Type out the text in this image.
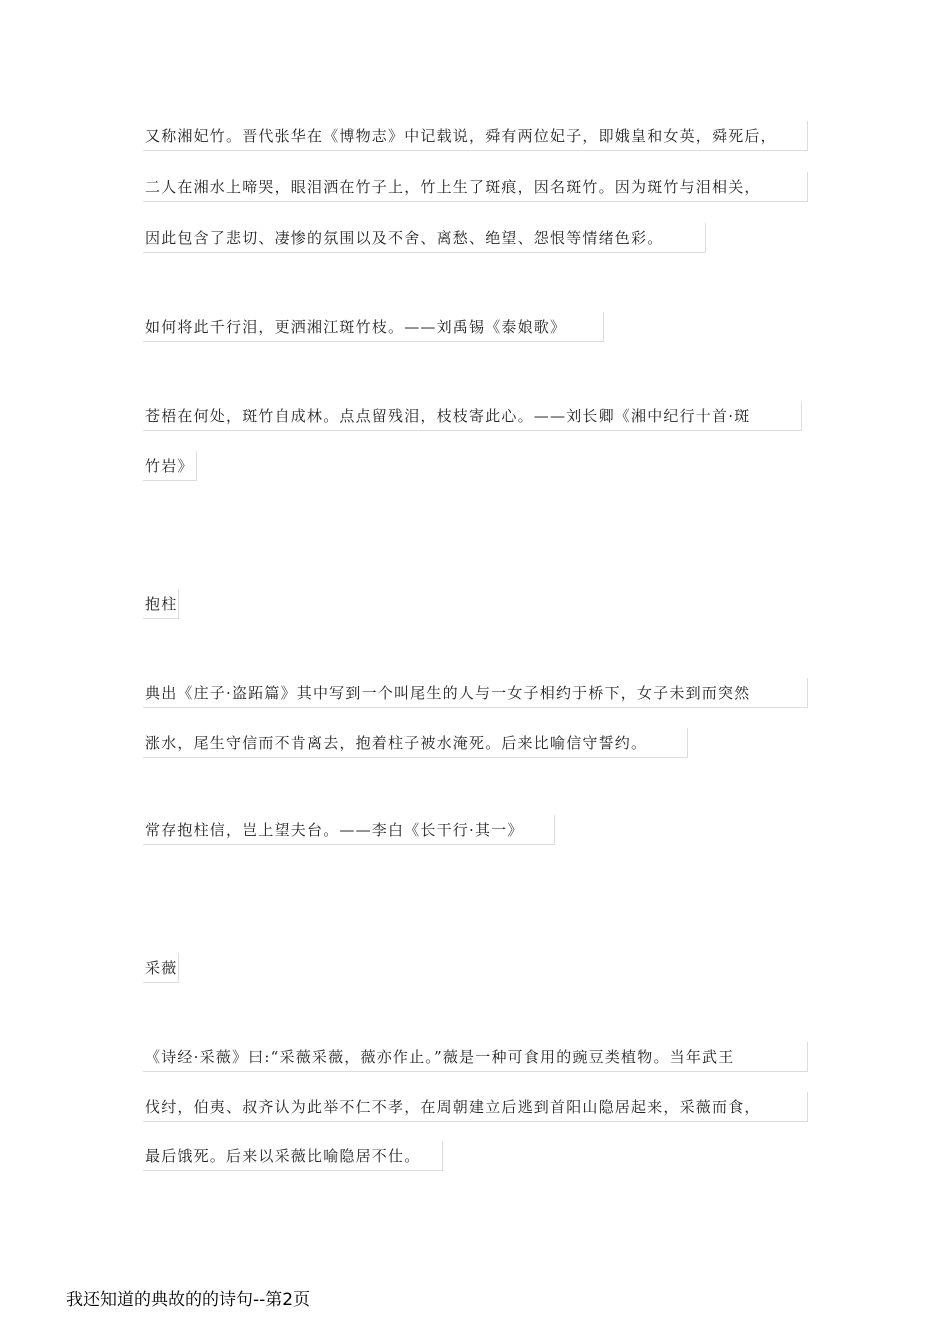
又称湘妃竹。晋代张华在《博物志》中记载说，舜有两位妃子，即娥皇和女英，舜死后，
二人在湘水上啼哭，眼泪洒在竹子上，竹上生了斑痕，因名斑竹。因为斑竹与泪相关，
因此包含了悲切、凄惨的氛围以及不舍、离愁、绝望、怨恨等情绪色彩。
如何将此千行泪，更洒湘江斑竹枝。——刘禹锡《泰娘歌》
苍梧在何处，斑竹自成林。点点留残泪，枝枝寄此心。——刘长卿《湘中纪行十首·斑
竹岩》
抱柱
典出《庄子·盗跖篇》其中写到一个叫尾生的人与一女子相约于桥下，女子未到而突然
涨水，尾生守信而不肯离去，抱着柱子被水淹死。后来比喻信守誓约。
常存抱柱信，岂上望夫台。——李白《长干行·其一》
采薇
《诗经·采薇》曰:“采薇采薇，薇亦作止。”薇是一种可食用的豌豆类植物。当年武王
伐纣，伯夷、叔齐认为此举不仁不孝，在周朝建立后逃到首阳山隐居起来，采薇而食，
最后饿死。后来以采薇比喻隐居不仕。
我还知道的典故的的诗句--第2页
